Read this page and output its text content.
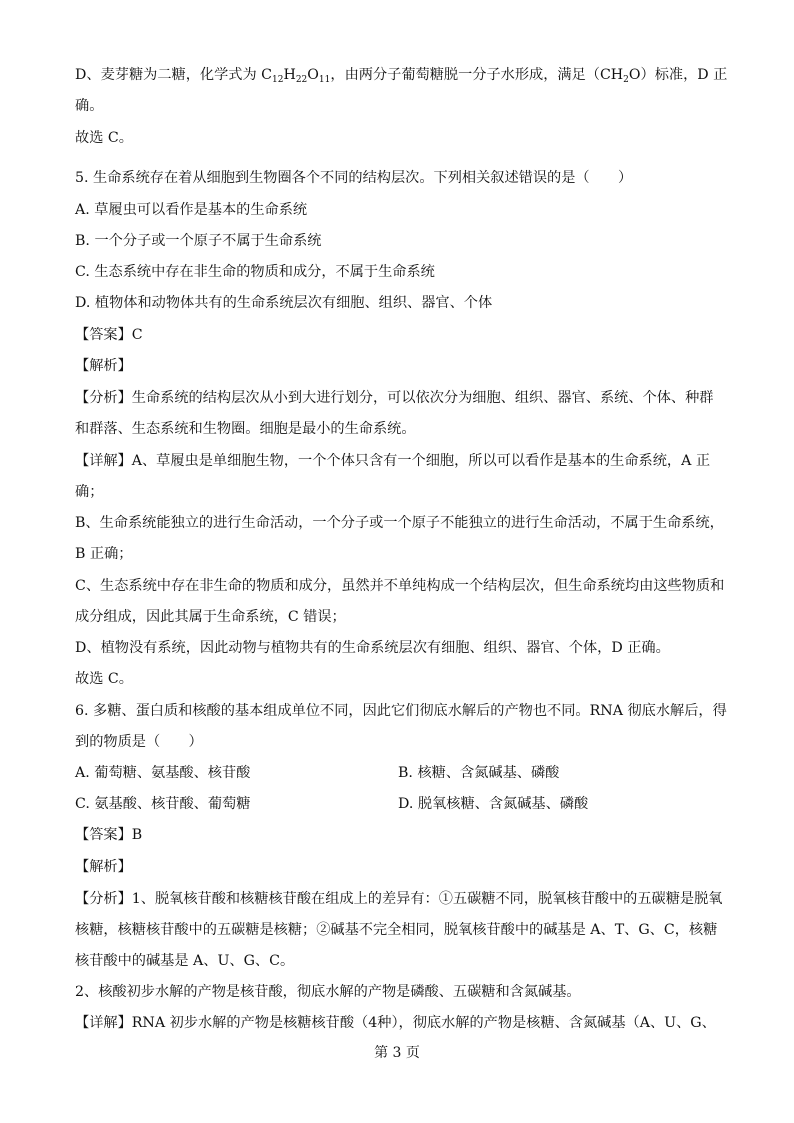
D、麦芽糖为二糖，化学式为 $C_{12}H_{22}O_{11}$，由两分子葡萄糖脱一分子水形成，满足$(CH_2O)$标准，D 正
确。
故选 C。
5. 生命系统存在着从细胞到生物圈各个不同的结构层次。下列相关叙述错误的是（　　）
A. 草履虫可以看作是基本的生命系统
B. 一个分子或一个原子不属于生命系统
C. 生态系统中存在非生命的物质和成分，不属于生命系统
D. 植物体和动物体共有的生命系统层次有细胞、组织、器官、个体
【答案】C
【解析】
【分析】生命系统的结构层次从小到大进行划分，可以依次分为细胞、组织、器官、系统、个体、种群
和群落、生态系统和生物圈。细胞是最小的生命系统。
【详解】A、草履虫是单细胞生物，一个个体只含有一个细胞，所以可以看作是基本的生命系统，A 正
确；
B、生命系统能独立的进行生命活动，一个分子或一个原子不能独立的进行生命活动，不属于生命系统，
B 正确；
C、生态系统中存在非生命的物质和成分，虽然并不单纯构成一个结构层次，但生命系统均由这些物质和
成分组成，因此其属于生命系统，C 错误；
D、植物没有系统，因此动物与植物共有的生命系统层次有细胞、组织、器官、个体，D 正确。
故选 C。
6. 多糖、蛋白质和核酸的基本组成单位不同，因此它们彻底水解后的产物也不同。RNA 彻底水解后，得
到的物质是（　　）
A. 葡萄糖、氨基酸、核苷酸	B. 核糖、含氮碱基、磷酸
C. 氨基酸、核苷酸、葡萄糖	D. 脱氧核糖、含氮碱基、磷酸
【答案】B
【解析】
【分析】1、脱氧核苷酸和核糖核苷酸在组成上的差异有：①五碳糖不同，脱氧核苷酸中的五碳糖是脱氧
核糖，核糖核苷酸中的五碳糖是核糖；②碱基不完全相同，脱氧核苷酸中的碱基是 A、T、G、C，核糖
核苷酸中的碱基是 A、U、G、C。
2、核酸初步水解的产物是核苷酸，彻底水解的产物是磷酸、五碳糖和含氮碱基。
【详解】RNA 初步水解的产物是核糖核苷酸（4种），彻底水解的产物是核糖、含氮碱基（A、U、G、
第 3 页
